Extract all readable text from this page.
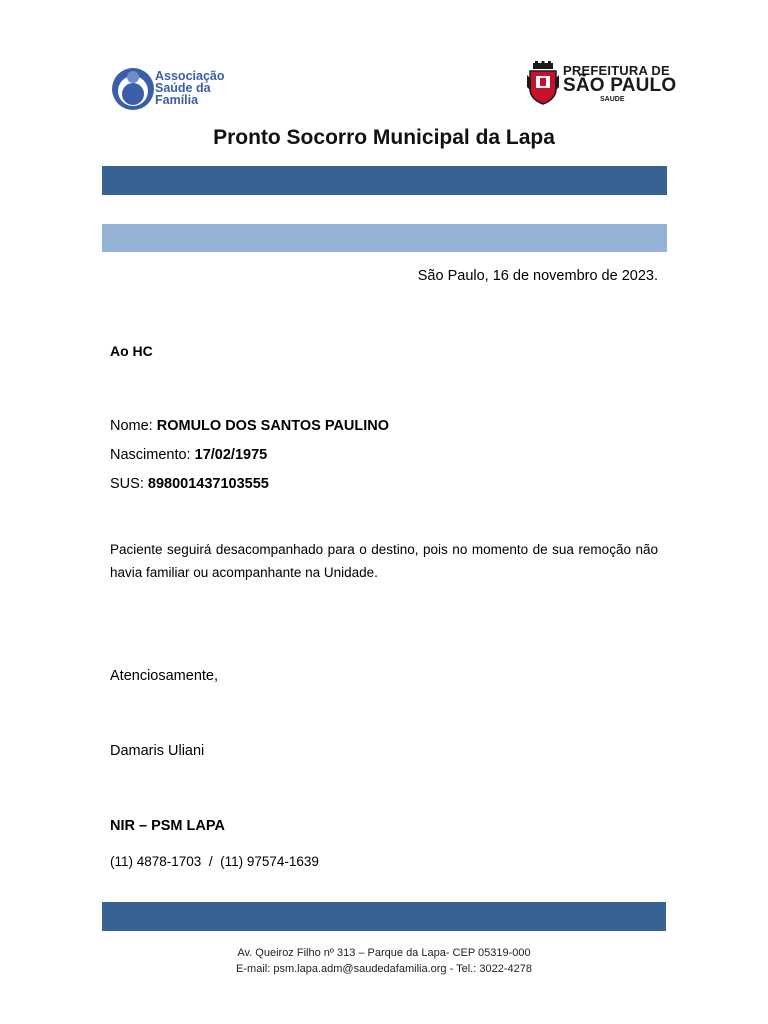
Associação
Saúde da
Família
PREFEITURA DE
SÃO PAULO
SAUDE
Pronto Socorro Municipal da Lapa
São Paulo, 16 de novembro de 2023.
Ao HC
Nome: ROMULO DOS SANTOS PAULINO
Nascimento: 17/02/1975
SUS: 898001437103555
Paciente seguirá desacompanhado para o destino, pois no momento de sua remoção não havia familiar ou acompanhante na Unidade.
Atenciosamente,
Damaris Uliani
NIR – PSM LAPA
(11) 4878-1703  /  (11) 97574-1639
Av. Queiroz Filho nº 313 – Parque da Lapa- CEP 05319-000
E-mail: psm.lapa.adm@saudedafamilia.org - Tel.: 3022-4278
